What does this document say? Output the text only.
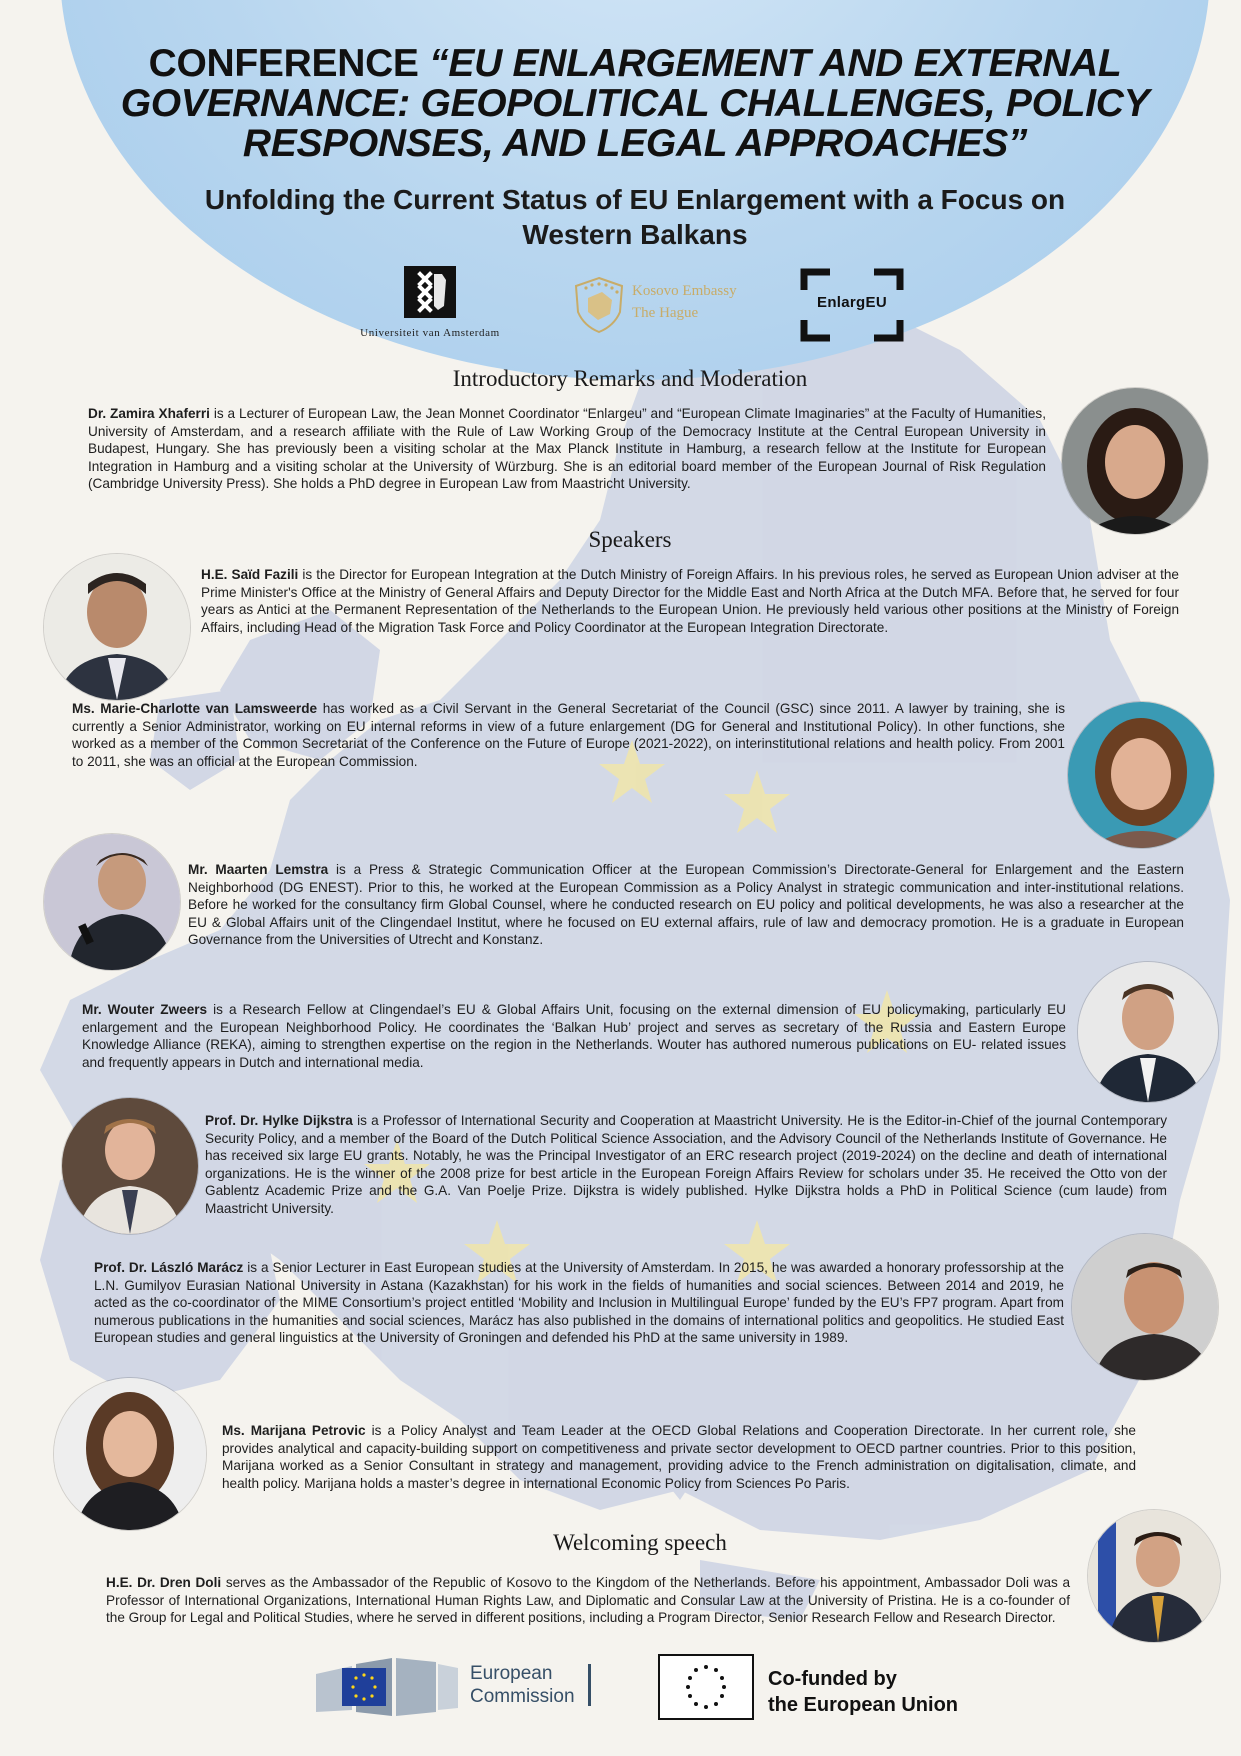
CONFERENCE “EU ENLARGEMENT AND EXTERNAL GOVERNANCE: GEOPOLITICAL CHALLENGES, POLICY RESPONSES, AND LEGAL APPROACHES”
Unfolding the Current Status of EU Enlargement with a Focus on Western Balkans
Universiteit van Amsterdam
Kosovo Embassy
The Hague
EnlargEU
Introductory Remarks and Moderation
Dr. Zamira Xhaferri is a Lecturer of European Law, the Jean Monnet Coordinator “Enlargeu” and “European Climate Imaginaries” at the Faculty of Humanities, University of Amsterdam, and a research affiliate with the Rule of Law Working Group of the Democracy Institute at the Central European University in Budapest, Hungary. She has previously been a visiting scholar at the Max Planck Institute in Hamburg, a research fellow at the Institute for European Integration in Hamburg and a visiting scholar at the University of Würzburg. She is an editorial board member of the European Journal of Risk Regulation (Cambridge University Press). She holds a PhD degree in European Law from Maastricht University.
Speakers
H.E. Saïd Fazili is the Director for European Integration at the Dutch Ministry of Foreign Affairs. In his previous roles, he served as European Union adviser at the Prime Minister's Office at the Ministry of General Affairs and Deputy Director for the Middle East and North Africa at the Dutch MFA. Before that, he served for four years as Antici at the Permanent Representation of the Netherlands to the European Union. He previously held various other positions at the Ministry of Foreign Affairs, including Head of the Migration Task Force and Policy Coordinator at the European Integration Directorate.
Ms. Marie-Charlotte van Lamsweerde has worked as a Civil Servant in the General Secretariat of the Council (GSC) since 2011. A lawyer by training, she is currently a Senior Administrator, working on EU internal reforms in view of a future enlargement (DG for General and Institutional Policy). In other functions, she worked as a member of the Common Secretariat of the Conference on the Future of Europe (2021-2022), on interinstitutional relations and health policy. From 2001 to 2011, she was an official at the European Commission.
Mr. Maarten Lemstra is a Press & Strategic Communication Officer at the European Commission’s Directorate-General for Enlargement and the Eastern Neighborhood (DG ENEST). Prior to this, he worked at the European Commission as a Policy Analyst in strategic communication and inter-institutional relations. Before he worked for the consultancy firm Global Counsel, where he conducted research on EU policy and political developments, he was also a researcher at the EU & Global Affairs unit of the Clingendael Institut, where he focused on EU external affairs, rule of law and democracy promotion. He is a graduate in European Governance from the Universities of Utrecht and Konstanz.
Mr. Wouter Zweers is a Research Fellow at Clingendael’s EU & Global Affairs Unit, focusing on the external dimension of EU policymaking, particularly EU enlargement and the European Neighborhood Policy. He coordinates the ‘Balkan Hub’ project and serves as secretary of the Russia and Eastern Europe Knowledge Alliance (REKA), aiming to strengthen expertise on the region in the Netherlands. Wouter has authored numerous publications on EU- related issues and frequently appears in Dutch and international media.
Prof. Dr. Hylke Dijkstra is a Professor of International Security and Cooperation at Maastricht University. He is the Editor-in-Chief of the journal Contemporary Security Policy, and a member of the Board of the Dutch Political Science Association, and the Advisory Council of the Netherlands Institute of Governance. He has received six large EU grants. Notably, he was the Principal Investigator of an ERC research project (2019-2024) on the decline and death of international organizations. He is the winner of the 2008 prize for best article in the European Foreign Affairs Review for scholars under 35. He received the Otto von der Gablentz Academic Prize and the G.A. Van Poelje Prize. Dijkstra is widely published. Hylke Dijkstra holds a PhD in Political Science (cum laude) from Maastricht University.
Prof. Dr. László Marácz is a Senior Lecturer in East European studies at the University of Amsterdam. In 2015, he was awarded a honorary professorship at the L.N. Gumilyov Eurasian National University in Astana (Kazakhstan) for his work in the fields of humanities and social sciences. Between 2014 and 2019, he acted as the co-coordinator of the MIME Consortium’s project entitled ‘Mobility and Inclusion in Multilingual Europe’ funded by the EU’s FP7 program. Apart from numerous publications in the humanities and social sciences, Marácz has also published in the domains of international politics and geopolitics. He studied East European studies and general linguistics at the University of Groningen and defended his PhD at the same university in 1989.
Ms. Marijana Petrovic is a Policy Analyst and Team Leader at the OECD Global Relations and Cooperation Directorate. In her current role, she provides analytical and capacity-building support on competitiveness and private sector development to OECD partner countries. Prior to this position, Marijana worked as a Senior Consultant in strategy and management, providing advice to the French administration on digitalisation, climate, and health policy. Marijana holds a master’s degree in international Economic Policy from Sciences Po Paris.
Welcoming speech
H.E. Dr. Dren Doli serves as the Ambassador of the Republic of Kosovo to the Kingdom of the Netherlands. Before his appointment, Ambassador Doli was a Professor of International Organizations, International Human Rights Law, and Diplomatic and Consular Law at the University of Pristina. He is a co-founder of the Group for Legal and Political Studies, where he served in different positions, including a Program Director, Senior Research Fellow and Research Director.
European
Commission
Co-funded by
the European Union
